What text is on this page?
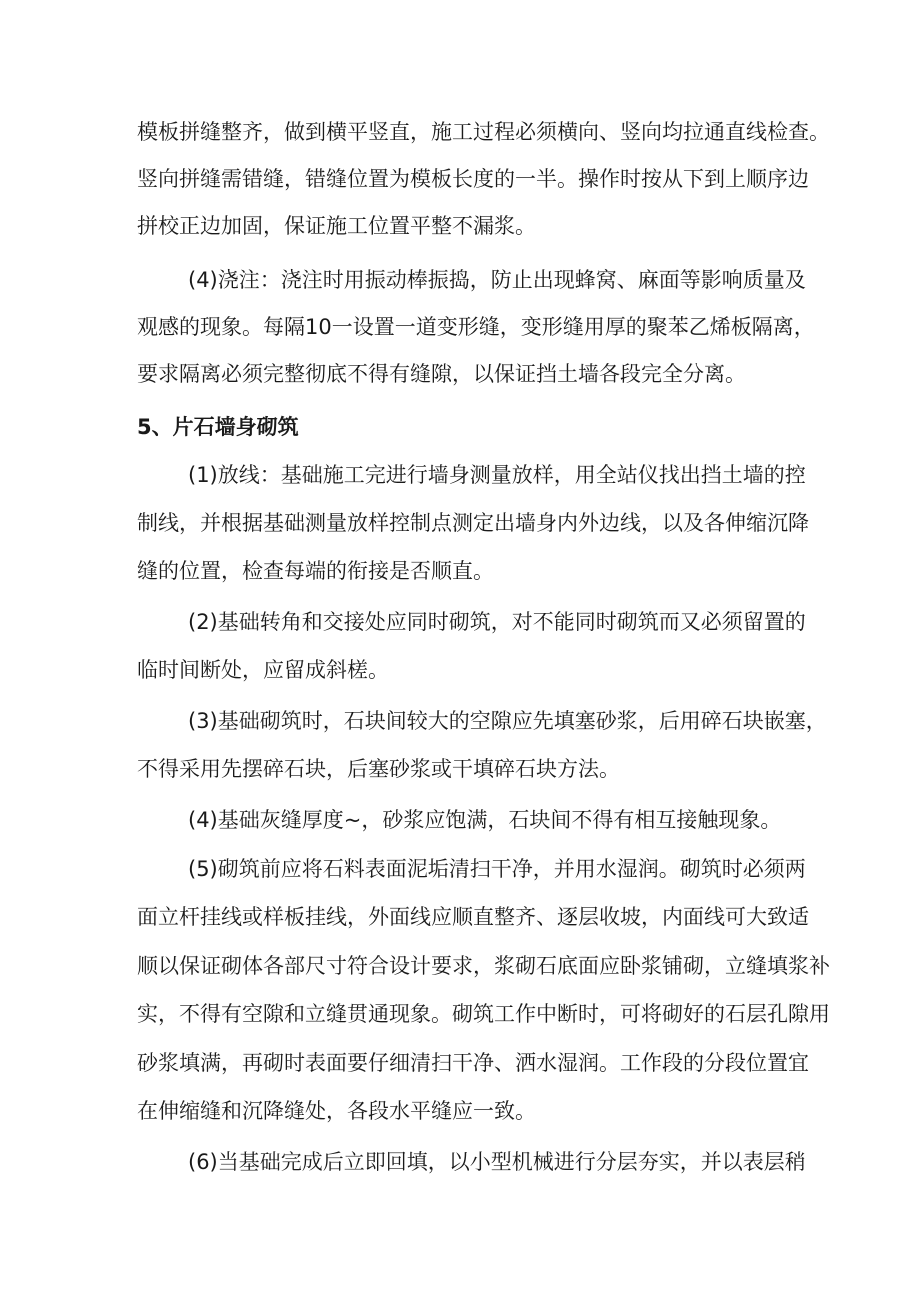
模板拼缝整齐，做到横平竖直，施工过程必须横向、竖向均拉通直线检查。

竖向拼缝需错缝，错缝位置为模板长度的一半。操作时按从下到上顺序边

拼校正边加固，保证施工位置平整不漏浆。

(4)浇注：浇注时用振动棒振捣，防止出现蜂窝、麻面等影响质量及

观感的现象。每隔10一设置一道变形缝，变形缝用厚的聚苯乙烯板隔离，

要求隔离必须完整彻底不得有缝隙，以保证挡土墙各段完全分离。

5、片石墙身砌筑

(1)放线：基础施工完进行墙身测量放样，用全站仪找出挡土墙的控

制线，并根据基础测量放样控制点测定出墙身内外边线，以及各伸缩沉降

缝的位置，检查每端的衔接是否顺直。

(2)基础转角和交接处应同时砌筑，对不能同时砌筑而又必须留置的

临时间断处，应留成斜槎。

(3)基础砌筑时，石块间较大的空隙应先填塞砂浆，后用碎石块嵌塞，

不得采用先摆碎石块，后塞砂浆或干填碎石块方法。

(4)基础灰缝厚度~，砂浆应饱满，石块间不得有相互接触现象。

(5)砌筑前应将石料表面泥垢清扫干净，并用水湿润。砌筑时必须两

面立杆挂线或样板挂线，外面线应顺直整齐、逐层收坡，内面线可大致适

顺以保证砌体各部尺寸符合设计要求，浆砌石底面应卧浆铺砌，立缝填浆补

实，不得有空隙和立缝贯通现象。砌筑工作中断时，可将砌好的石层孔隙用

砂浆填满，再砌时表面要仔细清扫干净、洒水湿润。工作段的分段位置宜

在伸缩缝和沉降缝处，各段水平缝应一致。

(6)当基础完成后立即回填，以小型机械进行分层夯实，并以表层稍
